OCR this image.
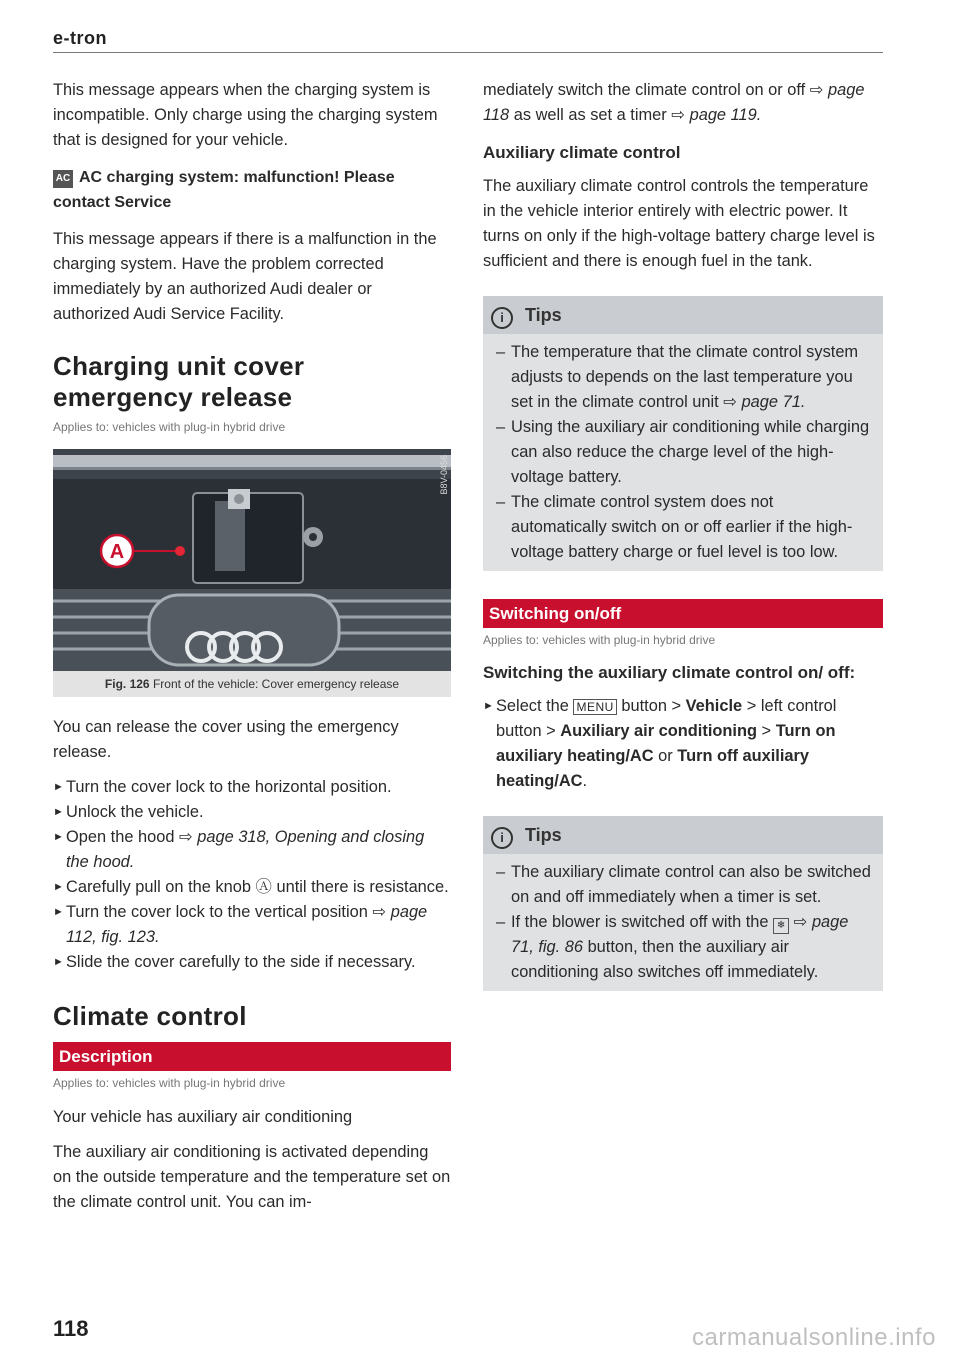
e-tron

This message appears when the charging system is incompatible. Only charge using the charging system that is designed for your vehicle.

AC AC charging system: malfunction! Please contact Service

This message appears if there is a malfunction in the charging system. Have the problem corrected immediately by an authorized Audi dealer or authorized Audi Service Facility.

Charging unit cover emergency release
Applies to: vehicles with plug-in hybrid drive
A
B8V-0456
Fig. 126 Front of the vehicle: Cover emergency release

You can release the cover using the emergency release.

► Turn the cover lock to the horizontal position.
► Unlock the vehicle.
► Open the hood ⇨ page 318, Opening and closing the hood.
► Carefully pull on the knob Ⓐ until there is resistance.
► Turn the cover lock to the vertical position ⇨ page 112, fig. 123.
► Slide the cover carefully to the side if necessary.
Climate control
Description
Applies to: vehicles with plug-in hybrid drive

Your vehicle has auxiliary air conditioning

The auxiliary air conditioning is activated depending on the outside temperature and the temperature set on the climate control unit. You can im-

mediately switch the climate control on or off ⇨ page 118 as well as set a timer ⇨ page 119.

Auxiliary climate control

The auxiliary climate control controls the temperature in the vehicle interior entirely with electric power. It turns on only if the high-voltage battery charge level is sufficient and there is enough fuel in the tank.

i Tips
– The temperature that the climate control system adjusts to depends on the last temperature you set in the climate control unit ⇨ page 71.
– Using the auxiliary air conditioning while charging can also reduce the charge level of the high-voltage battery.
– The climate control system does not automatically switch on or off earlier if the high-voltage battery charge or fuel level is too low.
Switching on/off
Applies to: vehicles with plug-in hybrid drive
Switching the auxiliary climate control on/ off:
► Select the MENU button > Vehicle > left control button > Auxiliary air conditioning > Turn on auxiliary heating/AC or Turn off auxiliary heating/AC.
i Tips
– The auxiliary climate control can also be switched on and off immediately when a timer is set.
– If the blower is switched off with the ❄ ⇨ page 71, fig. 86 button, then the auxiliary air conditioning also switches off immediately.
118	carmanualsonline.info
